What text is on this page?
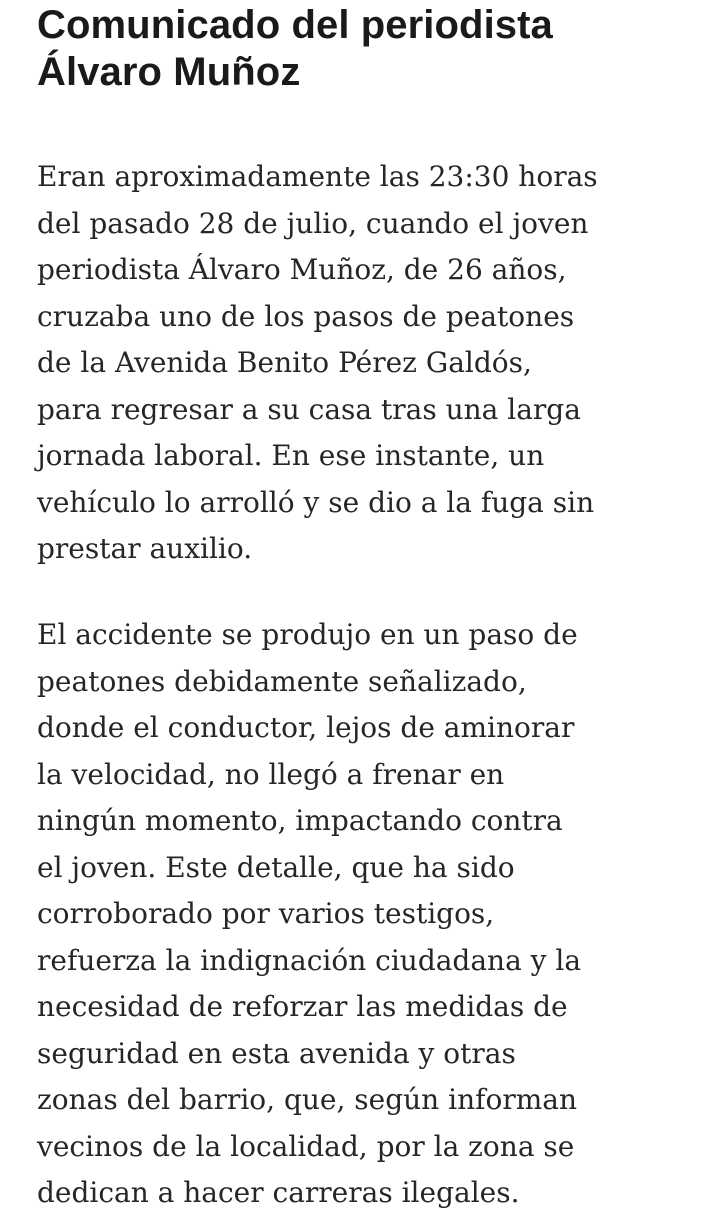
Comunicado del periodista
Álvaro Muñoz

Eran aproximadamente las 23:30 horas
del pasado 28 de julio, cuando el joven
periodista Álvaro Muñoz, de 26 años,
cruzaba uno de los pasos de peatones
de la Avenida Benito Pérez Galdós,
para regresar a su casa tras una larga
jornada laboral. En ese instante, un
vehículo lo arrolló y se dio a la fuga sin
prestar auxilio.

El accidente se produjo en un paso de
peatones debidamente señalizado,
donde el conductor, lejos de aminorar
la velocidad, no llegó a frenar en
ningún momento, impactando contra
el joven. Este detalle, que ha sido
corroborado por varios testigos,
refuerza la indignación ciudadana y la
necesidad de reforzar las medidas de
seguridad en esta avenida y otras
zonas del barrio, que, según informan
vecinos de la localidad, por la zona se
dedican a hacer carreras ilegales.
